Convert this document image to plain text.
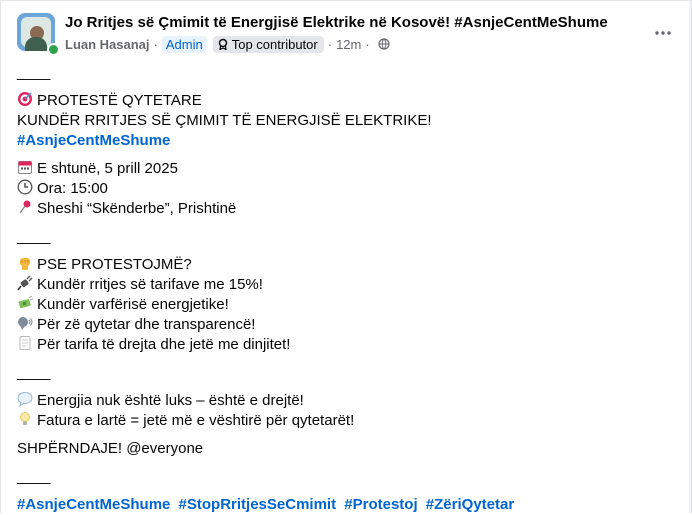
Jo Rritjes së Çmimit të Energjisë Elektrike në Kosovë! #AsnjeCentMeShume
Luan Hasanaj · Admin	Top contributor · 12m ·
____
PROTESTË QYTETARE
KUNDËR RRITJES SË ÇMIMIT TË ENERGJISË ELEKTRIKE!
#AsnjeCentMeShume
E shtunë, 5 prill 2025
Ora: 15:00
Sheshi “Skënderbe”, Prishtinë
____
PSE PROTESTOJMË?
Kundër rritjes së tarifave me 15%!
Kundër varfërisë energjetike!
Për zë qytetar dhe transparencë!
Për tarifa të drejta dhe jetë me dinjitet!
____
Energjia nuk është luks – është e drejtë!
Fatura e lartë = jetë më e vështirë për qytetarët!
SHPËRNDAJE! @everyone
____
#AsnjeCentMeShume #StopRritjesSeCmimit #Protestoj #ZëriQytetar
